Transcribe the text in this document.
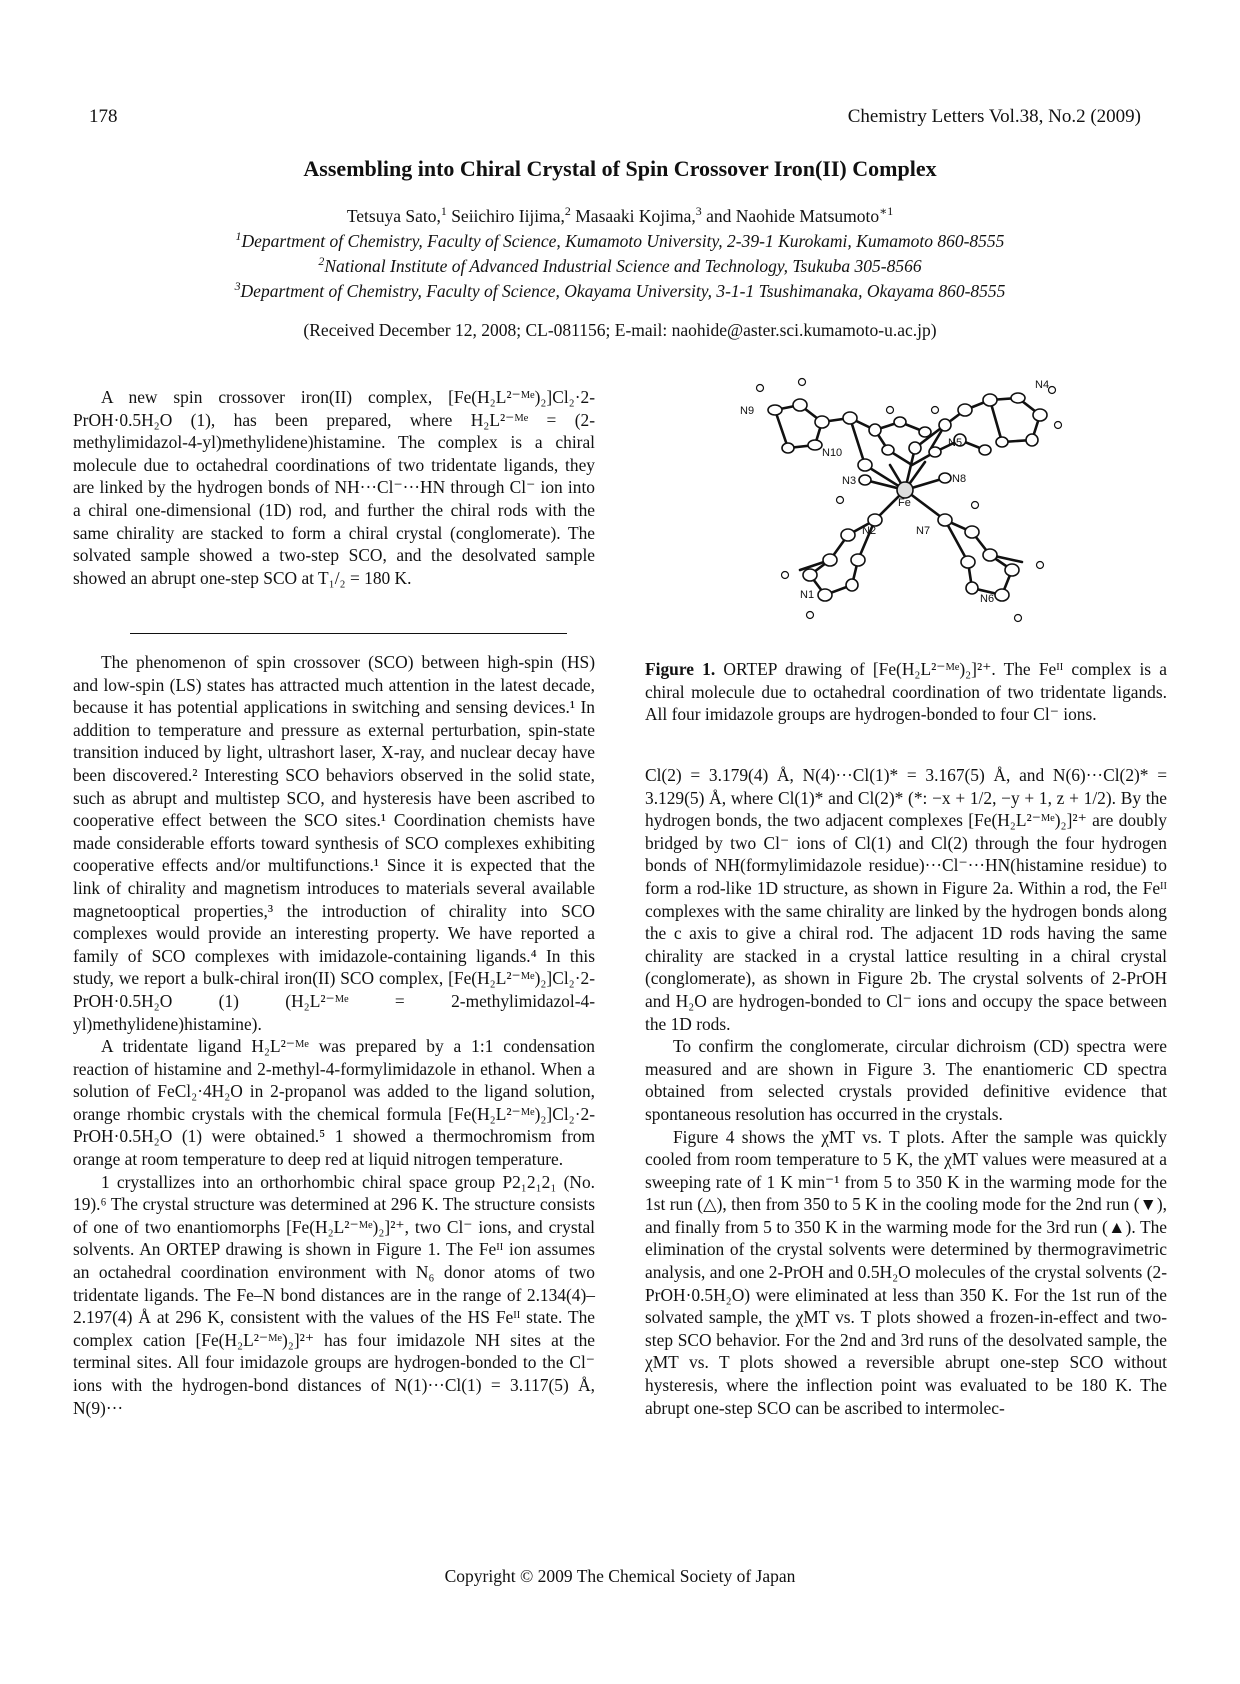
178	Chemistry Letters Vol.38, No.2 (2009)
Assembling into Chiral Crystal of Spin Crossover Iron(II) Complex
Tetsuya Sato,$^1$ Seiichiro Iijima,$^2$ Masaaki Kojima,$^3$ and Naohide Matsumoto$^{∗1}$
$^1$Department of Chemistry, Faculty of Science, Kumamoto University, 2-39-1 Kurokami, Kumamoto 860-8555
$^2$National Institute of Advanced Industrial Science and Technology, Tsukuba 305-8566
$^3$Department of Chemistry, Faculty of Science, Okayama University, 3-1-1 Tsushimanaka, Okayama 860-8555
(Received December 12, 2008; CL-081156; E-mail: naohide@aster.sci.kumamoto-u.ac.jp)

A new spin crossover iron(II) complex, [Fe(H₂L²⁻ᴹᵉ)₂]Cl₂·2-PrOH·0.5H₂O (1), has been prepared, where H₂L²⁻ᴹᵉ = (2-methylimidazol-4-yl)methylidene)histamine. The complex is a chiral molecule due to octahedral coordinations of two tridentate ligands, they are linked by the hydrogen bonds of NH···Cl⁻···HN through Cl⁻ ion into a chiral one-dimensional (1D) rod, and further the chiral rods with the same chirality are stacked to form a chiral crystal (conglomerate). The solvated sample showed a two-step SCO, and the desolvated sample showed an abrupt one-step SCO at T₁/₂ = 180 K.

The phenomenon of spin crossover (SCO) between high-spin (HS) and low-spin (LS) states has attracted much attention in the latest decade, because it has potential applications in switching and sensing devices.¹ In addition to temperature and pressure as external perturbation, spin-state transition induced by light, ultrashort laser, X-ray, and nuclear decay have been discovered.² Interesting SCO behaviors observed in the solid state, such as abrupt and multistep SCO, and hysteresis have been ascribed to cooperative effect between the SCO sites.¹ Coordination chemists have made considerable efforts toward synthesis of SCO complexes exhibiting cooperative effects and/or multifunctions.¹ Since it is expected that the link of chirality and magnetism introduces to materials several available magnetooptical properties,³ the introduction of chirality into SCO complexes would provide an interesting property. We have reported a family of SCO complexes with imidazole-containing ligands.⁴ In this study, we report a bulk-chiral iron(II) SCO complex, [Fe(H₂L²⁻ᴹᵉ)₂]Cl₂·2-PrOH·0.5H₂O (1) (H₂L²⁻ᴹᵉ = 2-methylimidazol-4-yl)methylidene)histamine).

A tridentate ligand H₂L²⁻ᴹᵉ was prepared by a 1:1 condensation reaction of histamine and 2-methyl-4-formylimidazole in ethanol. When a solution of FeCl₂·4H₂O in 2-propanol was added to the ligand solution, orange rhombic crystals with the chemical formula [Fe(H₂L²⁻ᴹᵉ)₂]Cl₂·2-PrOH·0.5H₂O (1) were obtained.⁵ 1 showed a thermochromism from orange at room temperature to deep red at liquid nitrogen temperature.

1 crystallizes into an orthorhombic chiral space group P2₁2₁2₁ (No. 19).⁶ The crystal structure was determined at 296 K. The structure consists of one of two enantiomorphs [Fe(H₂L²⁻ᴹᵉ)₂]²⁺, two Cl⁻ ions, and crystal solvents. An ORTEP drawing is shown in Figure 1. The Feᴵᴵ ion assumes an octahedral coordination environment with N₆ donor atoms of two tridentate ligands. The Fe–N bond distances are in the range of 2.134(4)–2.197(4) Å at 296 K, consistent with the values of the HS Feᴵᴵ state. The complex cation [Fe(H₂L²⁻ᴹᵉ)₂]²⁺ has four imidazole NH sites at the terminal sites. All four imidazole groups are hydrogen-bonded to the Cl⁻ ions with the hydrogen-bond distances of N(1)···Cl(1) = 3.117(5) Å, N(9)···

N9
N4
N10
N5
N3	N8
Fe
N2	N7
N1	N6
Figure 1. ORTEP drawing of [Fe(H₂L²⁻ᴹᵉ)₂]²⁺. The Feᴵᴵ complex is a chiral molecule due to octahedral coordination of two tridentate ligands. All four imidazole groups are hydrogen-bonded to four Cl⁻ ions.

Cl(2) = 3.179(4) Å, N(4)···Cl(1)* = 3.167(5) Å, and N(6)···Cl(2)* = 3.129(5) Å, where Cl(1)* and Cl(2)* (*: −x + 1/2, −y + 1, z + 1/2). By the hydrogen bonds, the two adjacent complexes [Fe(H₂L²⁻ᴹᵉ)₂]²⁺ are doubly bridged by two Cl⁻ ions of Cl(1) and Cl(2) through the four hydrogen bonds of NH(formylimidazole residue)···Cl⁻···HN(histamine residue) to form a rod-like 1D structure, as shown in Figure 2a. Within a rod, the Feᴵᴵ complexes with the same chirality are linked by the hydrogen bonds along the c axis to give a chiral rod. The adjacent 1D rods having the same chirality are stacked in a crystal lattice resulting in a chiral crystal (conglomerate), as shown in Figure 2b. The crystal solvents of 2-PrOH and H₂O are hydrogen-bonded to Cl⁻ ions and occupy the space between the 1D rods.

To confirm the conglomerate, circular dichroism (CD) spectra were measured and are shown in Figure 3. The enantiomeric CD spectra obtained from selected crystals provided definitive evidence that spontaneous resolution has occurred in the crystals.

Figure 4 shows the χMT vs. T plots. After the sample was quickly cooled from room temperature to 5 K, the χMT values were measured at a sweeping rate of 1 K min⁻¹ from 5 to 350 K in the warming mode for the 1st run (△), then from 350 to 5 K in the cooling mode for the 2nd run (▼), and finally from 5 to 350 K in the warming mode for the 3rd run (▲). The elimination of the crystal solvents were determined by thermogravimetric analysis, and one 2-PrOH and 0.5H₂O molecules of the crystal solvents (2-PrOH·0.5H₂O) were eliminated at less than 350 K. For the 1st run of the solvated sample, the χMT vs. T plots showed a frozen-in-effect and two-step SCO behavior. For the 2nd and 3rd runs of the desolvated sample, the χMT vs. T plots showed a reversible abrupt one-step SCO without hysteresis, where the inflection point was evaluated to be 180 K. The abrupt one-step SCO can be ascribed to intermolec-

Copyright © 2009 The Chemical Society of Japan
